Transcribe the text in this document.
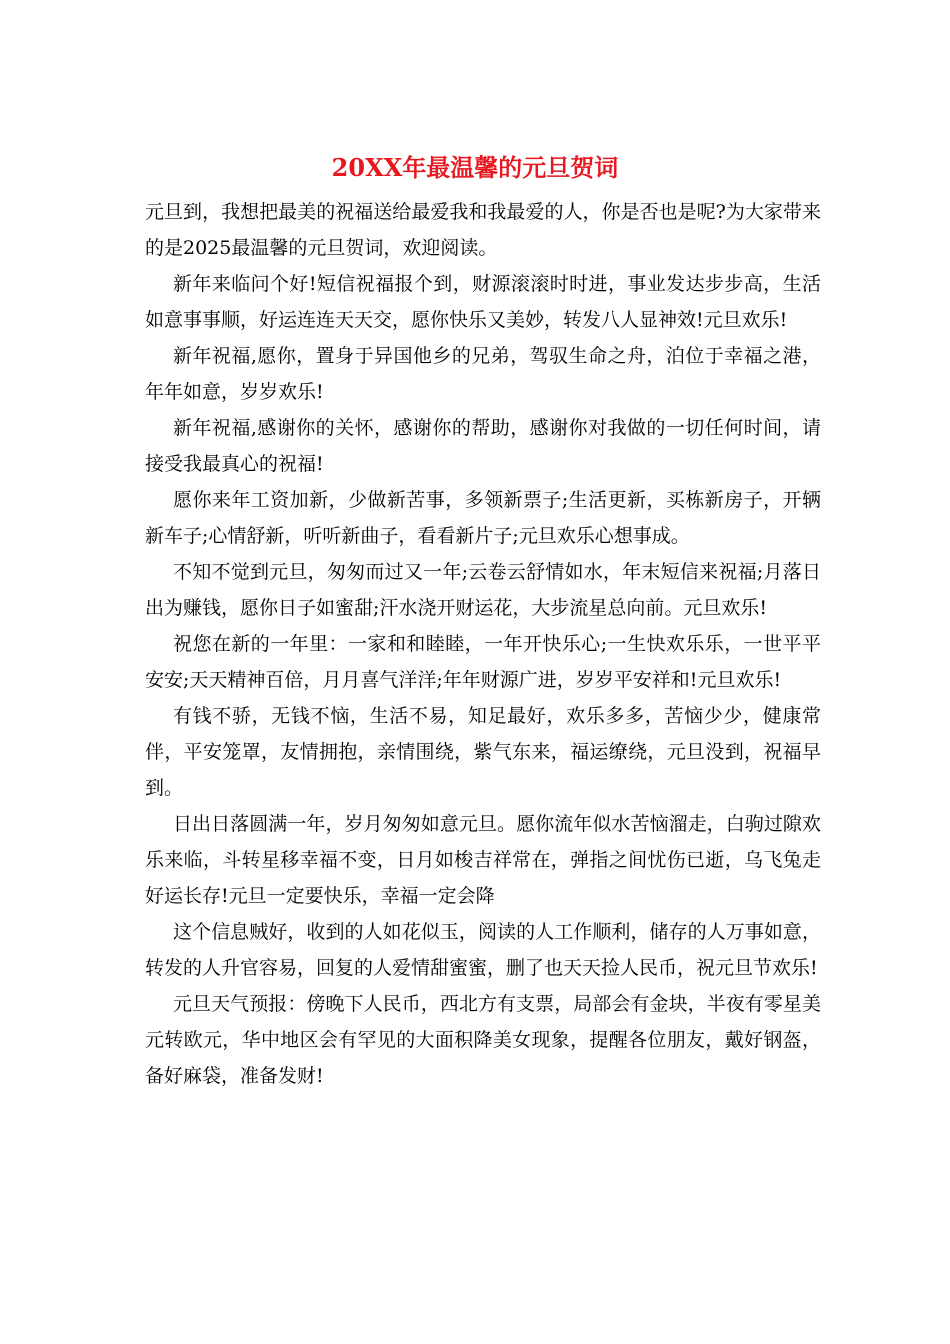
20XX年最温馨的元旦贺词

元旦到，我想把最美的祝福送给最爱我和我最爱的人，你是否也是呢?为大家带来的是2025最温馨的元旦贺词，欢迎阅读。

新年来临问个好!短信祝福报个到，财源滚滚时时进，事业发达步步高，生活如意事事顺，好运连连天天交，愿你快乐又美妙，转发八人显神效!元旦欢乐!

新年祝福,愿你，置身于异国他乡的兄弟，驾驭生命之舟，泊位于幸福之港，年年如意，岁岁欢乐!

新年祝福,感谢你的关怀，感谢你的帮助，感谢你对我做的一切任何时间，请接受我最真心的祝福!

愿你来年工资加新，少做新苦事，多领新票子;生活更新，买栋新房子，开辆新车子;心情舒新，听听新曲子，看看新片子;元旦欢乐心想事成。

不知不觉到元旦，匆匆而过又一年;云卷云舒情如水，年末短信来祝福;月落日出为赚钱，愿你日子如蜜甜;汗水浇开财运花，大步流星总向前。元旦欢乐!

祝您在新的一年里：一家和和睦睦，一年开快乐心;一生快欢乐乐，一世平平安安;天天精神百倍，月月喜气洋洋;年年财源广进，岁岁平安祥和!元旦欢乐!

有钱不骄，无钱不恼，生活不易，知足最好，欢乐多多，苦恼少少，健康常伴，平安笼罩，友情拥抱，亲情围绕，紫气东来，福运缭绕，元旦没到，祝福早到。

日出日落圆满一年，岁月匆匆如意元旦。愿你流年似水苦恼溜走，白驹过隙欢乐来临，斗转星移幸福不变，日月如梭吉祥常在，弹指之间忧伤已逝，乌飞兔走好运长存!元旦一定要快乐，幸福一定会降

这个信息贼好，收到的人如花似玉，阅读的人工作顺利，储存的人万事如意，转发的人升官容易，回复的人爱情甜蜜蜜，删了也天天捡人民币，祝元旦节欢乐!

元旦天气预报：傍晚下人民币，西北方有支票，局部会有金块，半夜有零星美元转欧元，华中地区会有罕见的大面积降美女现象，提醒各位朋友，戴好钢盔，备好麻袋，准备发财!
